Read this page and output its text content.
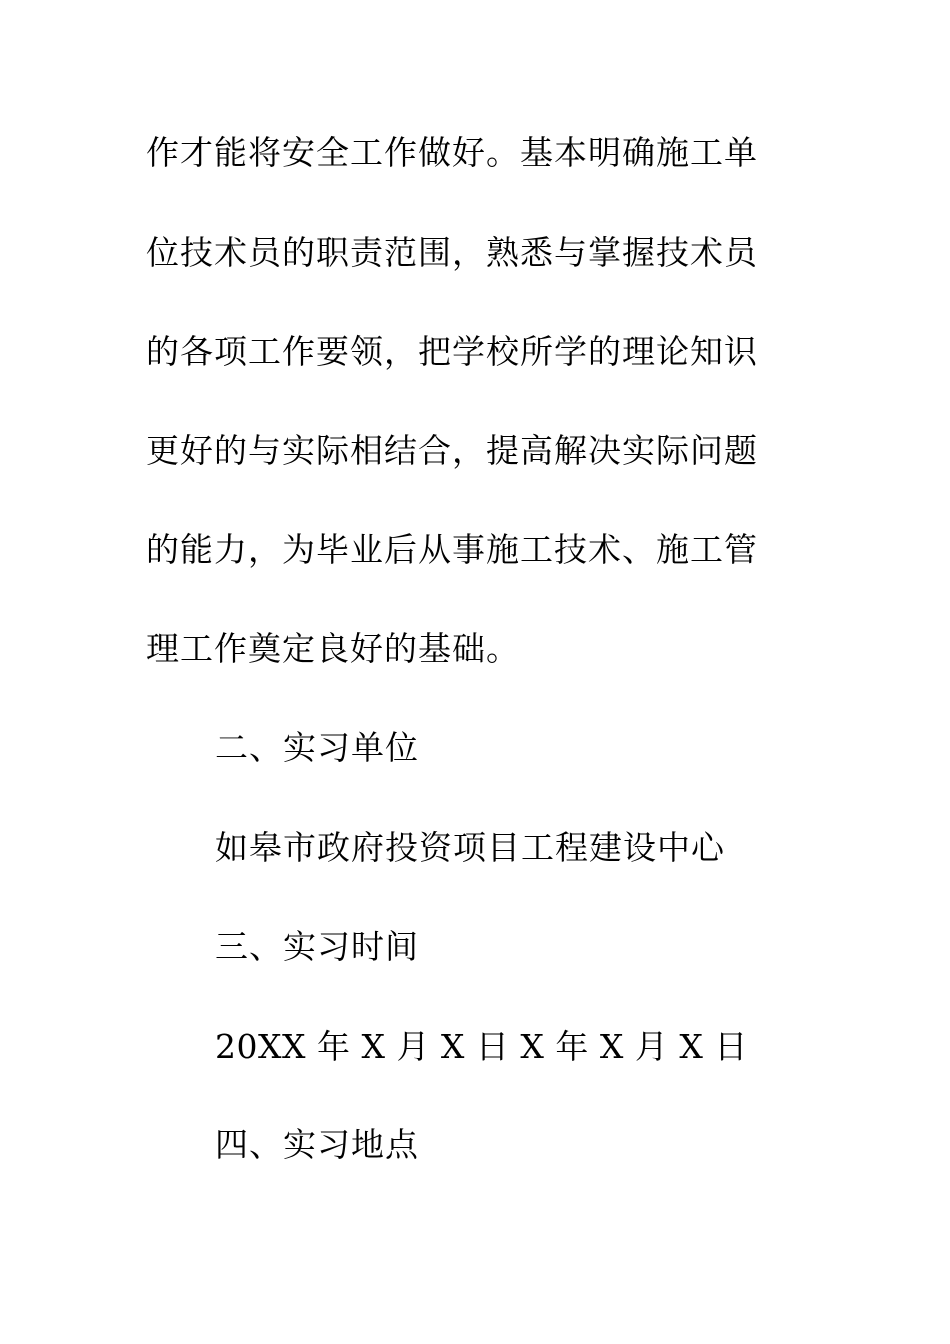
作才能将安全工作做好。基本明确施工单
位技术员的职责范围，熟悉与掌握技术员
的各项工作要领，把学校所学的理论知识
更好的与实际相结合，提高解决实际问题
的能力，为毕业后从事施工技术、施工管
理工作奠定良好的基础。
二、实习单位
如皋市政府投资项目工程建设中心
三、实习时间
20XX 年 X 月 X 日 X 年 X 月 X 日
四、实习地点
